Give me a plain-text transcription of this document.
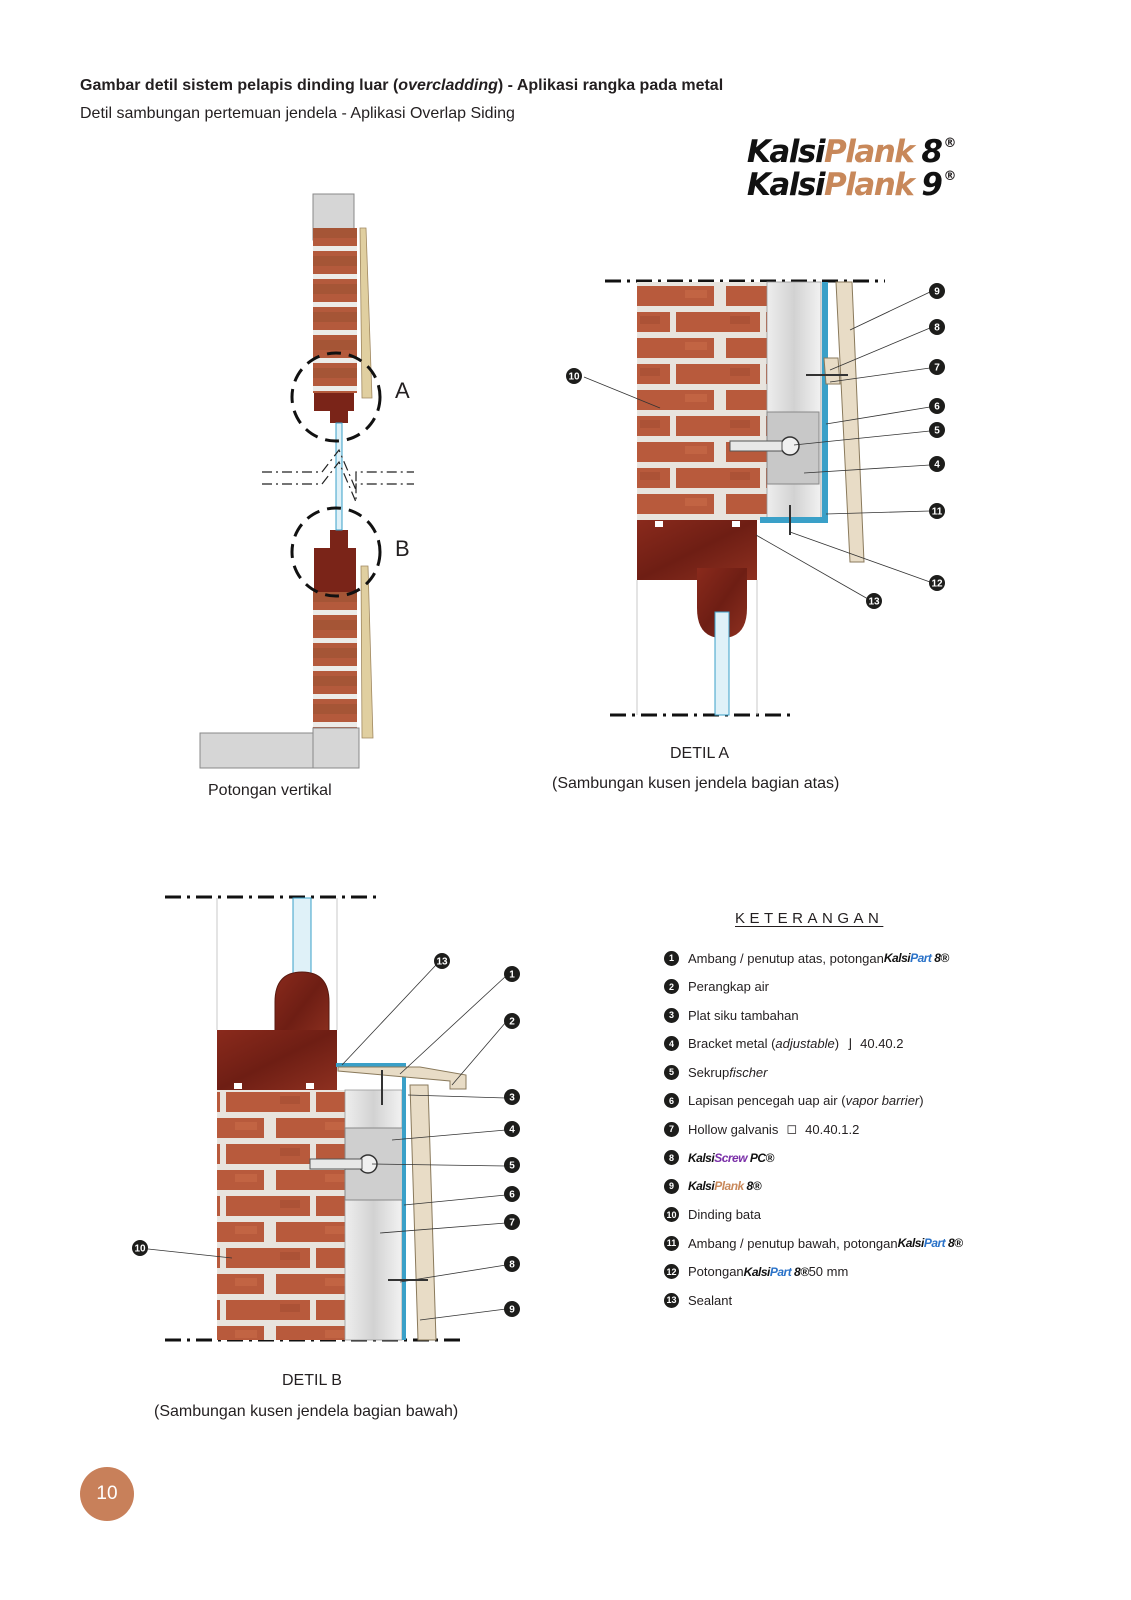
Gambar detil sistem pelapis dinding luar (overcladding) - Aplikasi rangka pada metal
Detil sambungan pertemuan jendela - Aplikasi Overlap Siding
KalsiPlank 8 ®
KalsiPlank 9 ®
9
8
7
6
5
4
11
12
13
10
13
1
2
3
4
5
6
7
8
9
10
A
B
Potongan vertikal
DETIL A
(Sambungan kusen jendela bagian atas)
DETIL B
(Sambungan kusen jendela bagian bawah)
KETERANGAN
1	Ambang / penutup atas, potongan KalsiPart 8®
2	Perangkap air
3	Plat siku tambahan
4	Bracket metal ( adjustable ) ⌋ 40.40.2
5	Sekrup fischer
6	Lapisan pencegah uap air ( vapor barrier )
7	Hollow galvanis ◻ 40.40.1.2
8	KalsiScrew PC®
9	KalsiPlank 8®
10 Dinding bata
11 Ambang / penutup bawah, potongan KalsiPart 8®
12 Potongan KalsiPart 8® 50 mm
13 Sealant
10
